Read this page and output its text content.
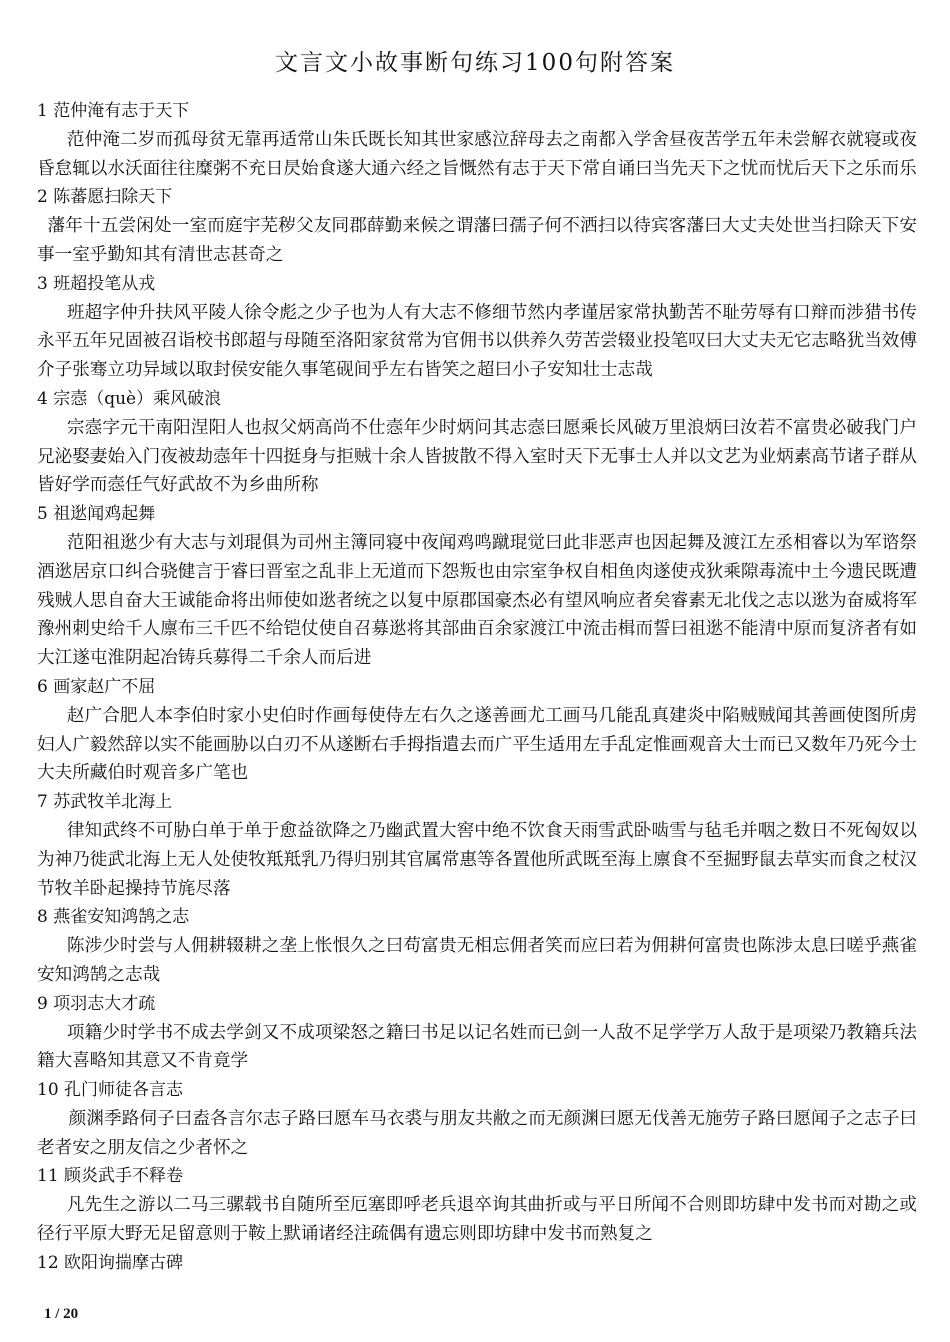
文言文小故事断句练习100句附答案
1 范仲淹有志于天下

范仲淹二岁而孤母贫无靠再适常山朱氏既长知其世家感泣辞母去之南都入学舍昼夜苦学五年未尝解衣就寝或夜昏怠辄以水沃面往往糜粥不充日昃始食遂大通六经之旨慨然有志于天下常自诵曰当先天下之忧而忧后天下之乐而乐

2 陈蕃愿扫除天下

藩年十五尝闲处一室而庭宇芜秽父友同郡薛勤来候之谓藩曰孺子何不洒扫以待宾客藩曰大丈夫处世当扫除天下安事一室乎勤知其有清世志甚奇之

3 班超投笔从戎

班超字仲升扶风平陵人徐令彪之少子也为人有大志不修细节然内孝谨居家常执勤苦不耻劳辱有口辩而涉猎书传永平五年兄固被召诣校书郎超与母随至洛阳家贫常为官佣书以供养久劳苦尝辍业投笔叹曰大丈夫无它志略犹当效傅介子张骞立功异域以取封侯安能久事笔砚间乎左右皆笑之超曰小子安知壮士志哉

4 宗悫（què）乘风破浪

宗悫字元干南阳涅阳人也叔父炳高尚不仕悫年少时炳问其志悫曰愿乘长风破万里浪炳曰汝若不富贵必破我门户兄泌娶妻始入门夜被劫悫年十四挺身与拒贼十余人皆披散不得入室时天下无事士人并以文艺为业炳素高节诸子群从皆好学而悫任气好武故不为乡曲所称

5 祖逖闻鸡起舞

范阳祖逖少有大志与刘琨俱为司州主簿同寝中夜闻鸡鸣蹴琨觉曰此非恶声也因起舞及渡江左丞相睿以为军谘祭酒逖居京口纠合骁健言于睿曰晋室之乱非上无道而下怨叛也由宗室争权自相鱼肉遂使戎狄乘隙毒流中土今遗民既遭残贼人思自奋大王诚能命将出师使如逖者统之以复中原郡国豪杰必有望风响应者矣睿素无北伐之志以逖为奋威将军豫州刺史给千人廪布三千匹不给铠仗使自召募逖将其部曲百余家渡江中流击楫而誓曰祖逖不能清中原而复济者有如大江遂屯淮阴起冶铸兵募得二千余人而后进

6 画家赵广不屈

赵广合肥人本李伯时家小史伯时作画每使侍左右久之遂善画尤工画马几能乱真建炎中陷贼贼闻其善画使图所虏妇人广毅然辞以实不能画胁以白刃不从遂断右手拇指遣去而广平生适用左手乱定惟画观音大士而已又数年乃死今士大夫所藏伯时观音多广笔也

7 苏武牧羊北海上

律知武终不可胁白单于单于愈益欲降之乃幽武置大窖中绝不饮食天雨雪武卧啮雪与毡毛并咽之数日不死匈奴以为神乃徙武北海上无人处使牧羝羝乳乃得归别其官属常惠等各置他所武既至海上廪食不至掘野鼠去草实而食之杖汉节牧羊卧起操持节旄尽落

8 燕雀安知鸿鹄之志

陈涉少时尝与人佣耕辍耕之垄上怅恨久之曰苟富贵无相忘佣者笑而应曰若为佣耕何富贵也陈涉太息曰嗟乎燕雀安知鸿鹄之志哉

9 项羽志大才疏

项籍少时学书不成去学剑又不成项梁怒之籍曰书足以记名姓而已剑一人敌不足学学万人敌于是项梁乃教籍兵法籍大喜略知其意又不肯竟学

10 孔门师徒各言志

颜渊季路伺子曰盍各言尔志子路曰愿车马衣裘与朋友共敝之而无颜渊曰愿无伐善无施劳子路曰愿闻子之志子曰老者安之朋友信之少者怀之

11 顾炎武手不释卷

凡先生之游以二马三骡载书自随所至厄塞即呼老兵退卒询其曲折或与平日所闻不合则即坊肆中发书而对勘之或径行平原大野无足留意则于鞍上默诵诸经注疏偶有遗忘则即坊肆中发书而熟复之

12 欧阳询揣摩古碑
1 / 20
